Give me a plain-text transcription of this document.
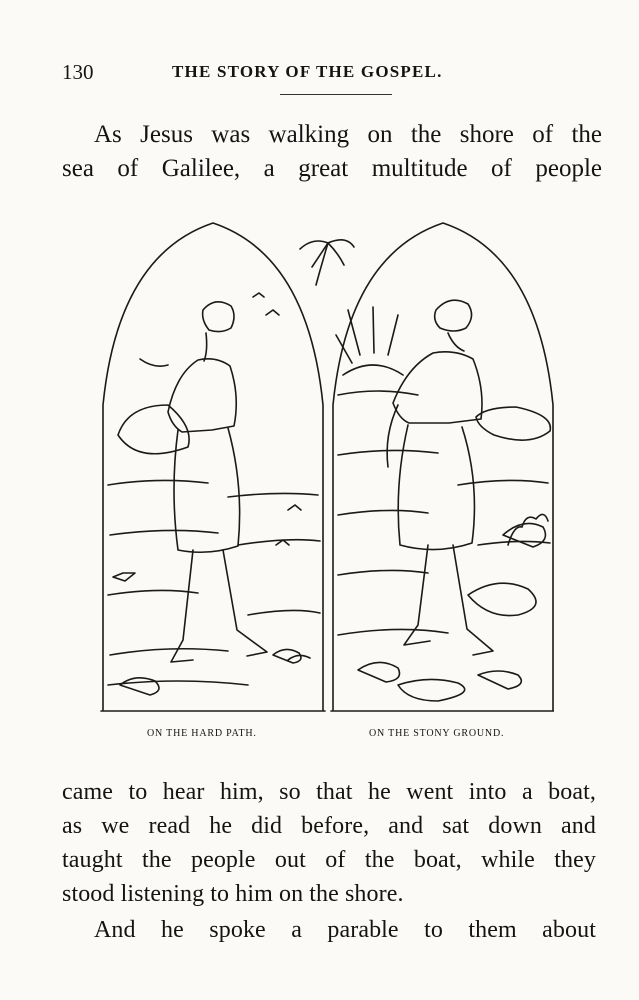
130	THE STORY OF THE GOSPEL.
As Jesus was walking on the shore of the
sea of Galilee, a great multitude of people
ON THE HARD PATH.	ON THE STONY GROUND.
came to hear him, so that he went into a boat,
as we read he did before, and sat down and
taught the people out of the boat, while they
stood listening to him on the shore.
And he spoke a parable to them about
